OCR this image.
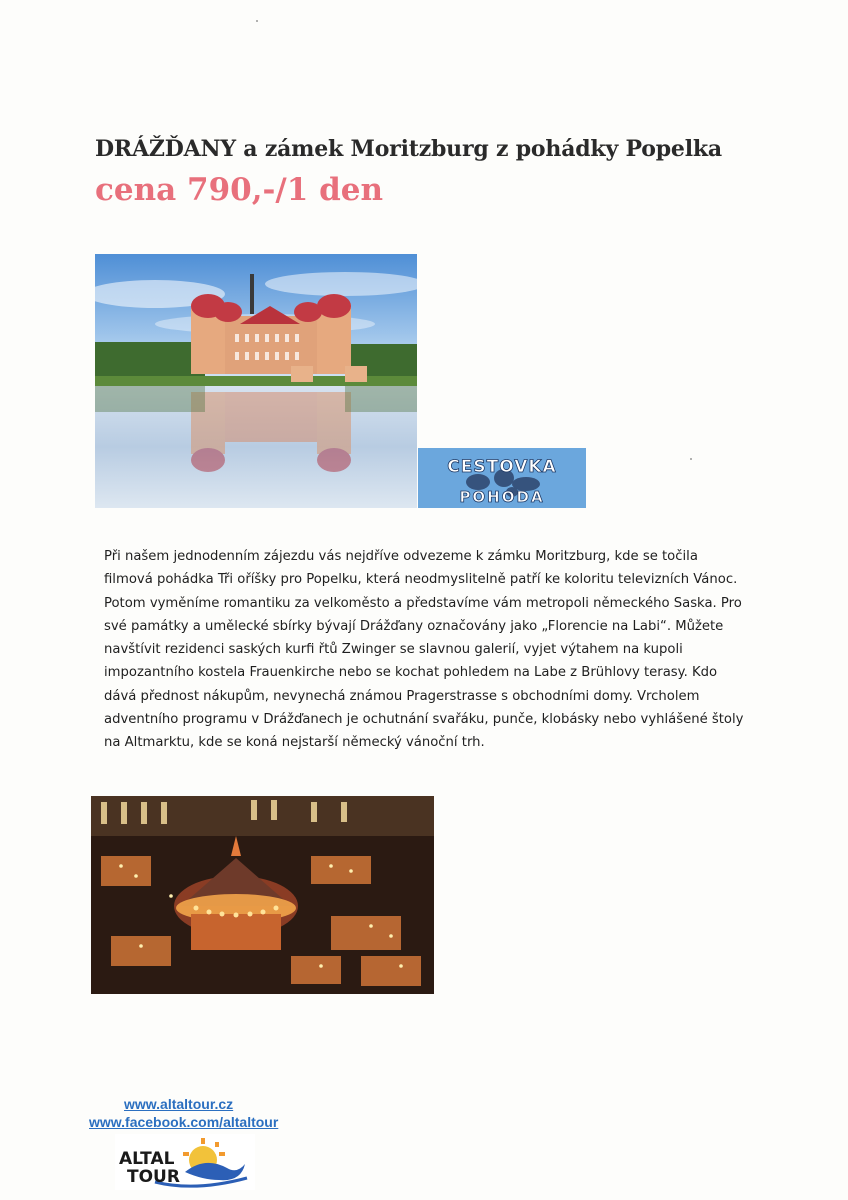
DRÁŽĎANY a zámek Moritzburg z pohádky Popelka
cena 790,-/1 den
CESTOVKA
POHODA

Při našem jednodenním zájezdu vás nejdříve odvezeme k zámku Moritzburg, kde se točila filmová pohádka Tři oříšky pro Popelku, která neodmyslitelně patří ke koloritu televizních Vánoc. Potom vyměníme romantiku za velkoměsto a představíme vám metropoli německého Saska. Pro své památky a umělecké sbírky bývají Drážďany označovány jako „Florencie na Labi“. Můžete navštívit rezidenci saských kurfi řtů Zwinger se slavnou galerií, vyjet výtahem na kupoli impozantního kostela Frauenkirche nebo se kochat pohledem na Labe z Brühlovy terasy. Kdo dává přednost nákupům, nevynechá známou Pragerstrasse s obchodními domy. Vrcholem adventního programu v Drážďanech je ochutnání svařáku, punče, klobásky nebo vyhlášené štoly na Altmarktu, kde se koná nejstarší německý vánoční trh.

www.altaltour.cz
www.facebook.com/altaltour
ALTAL
TOUR
